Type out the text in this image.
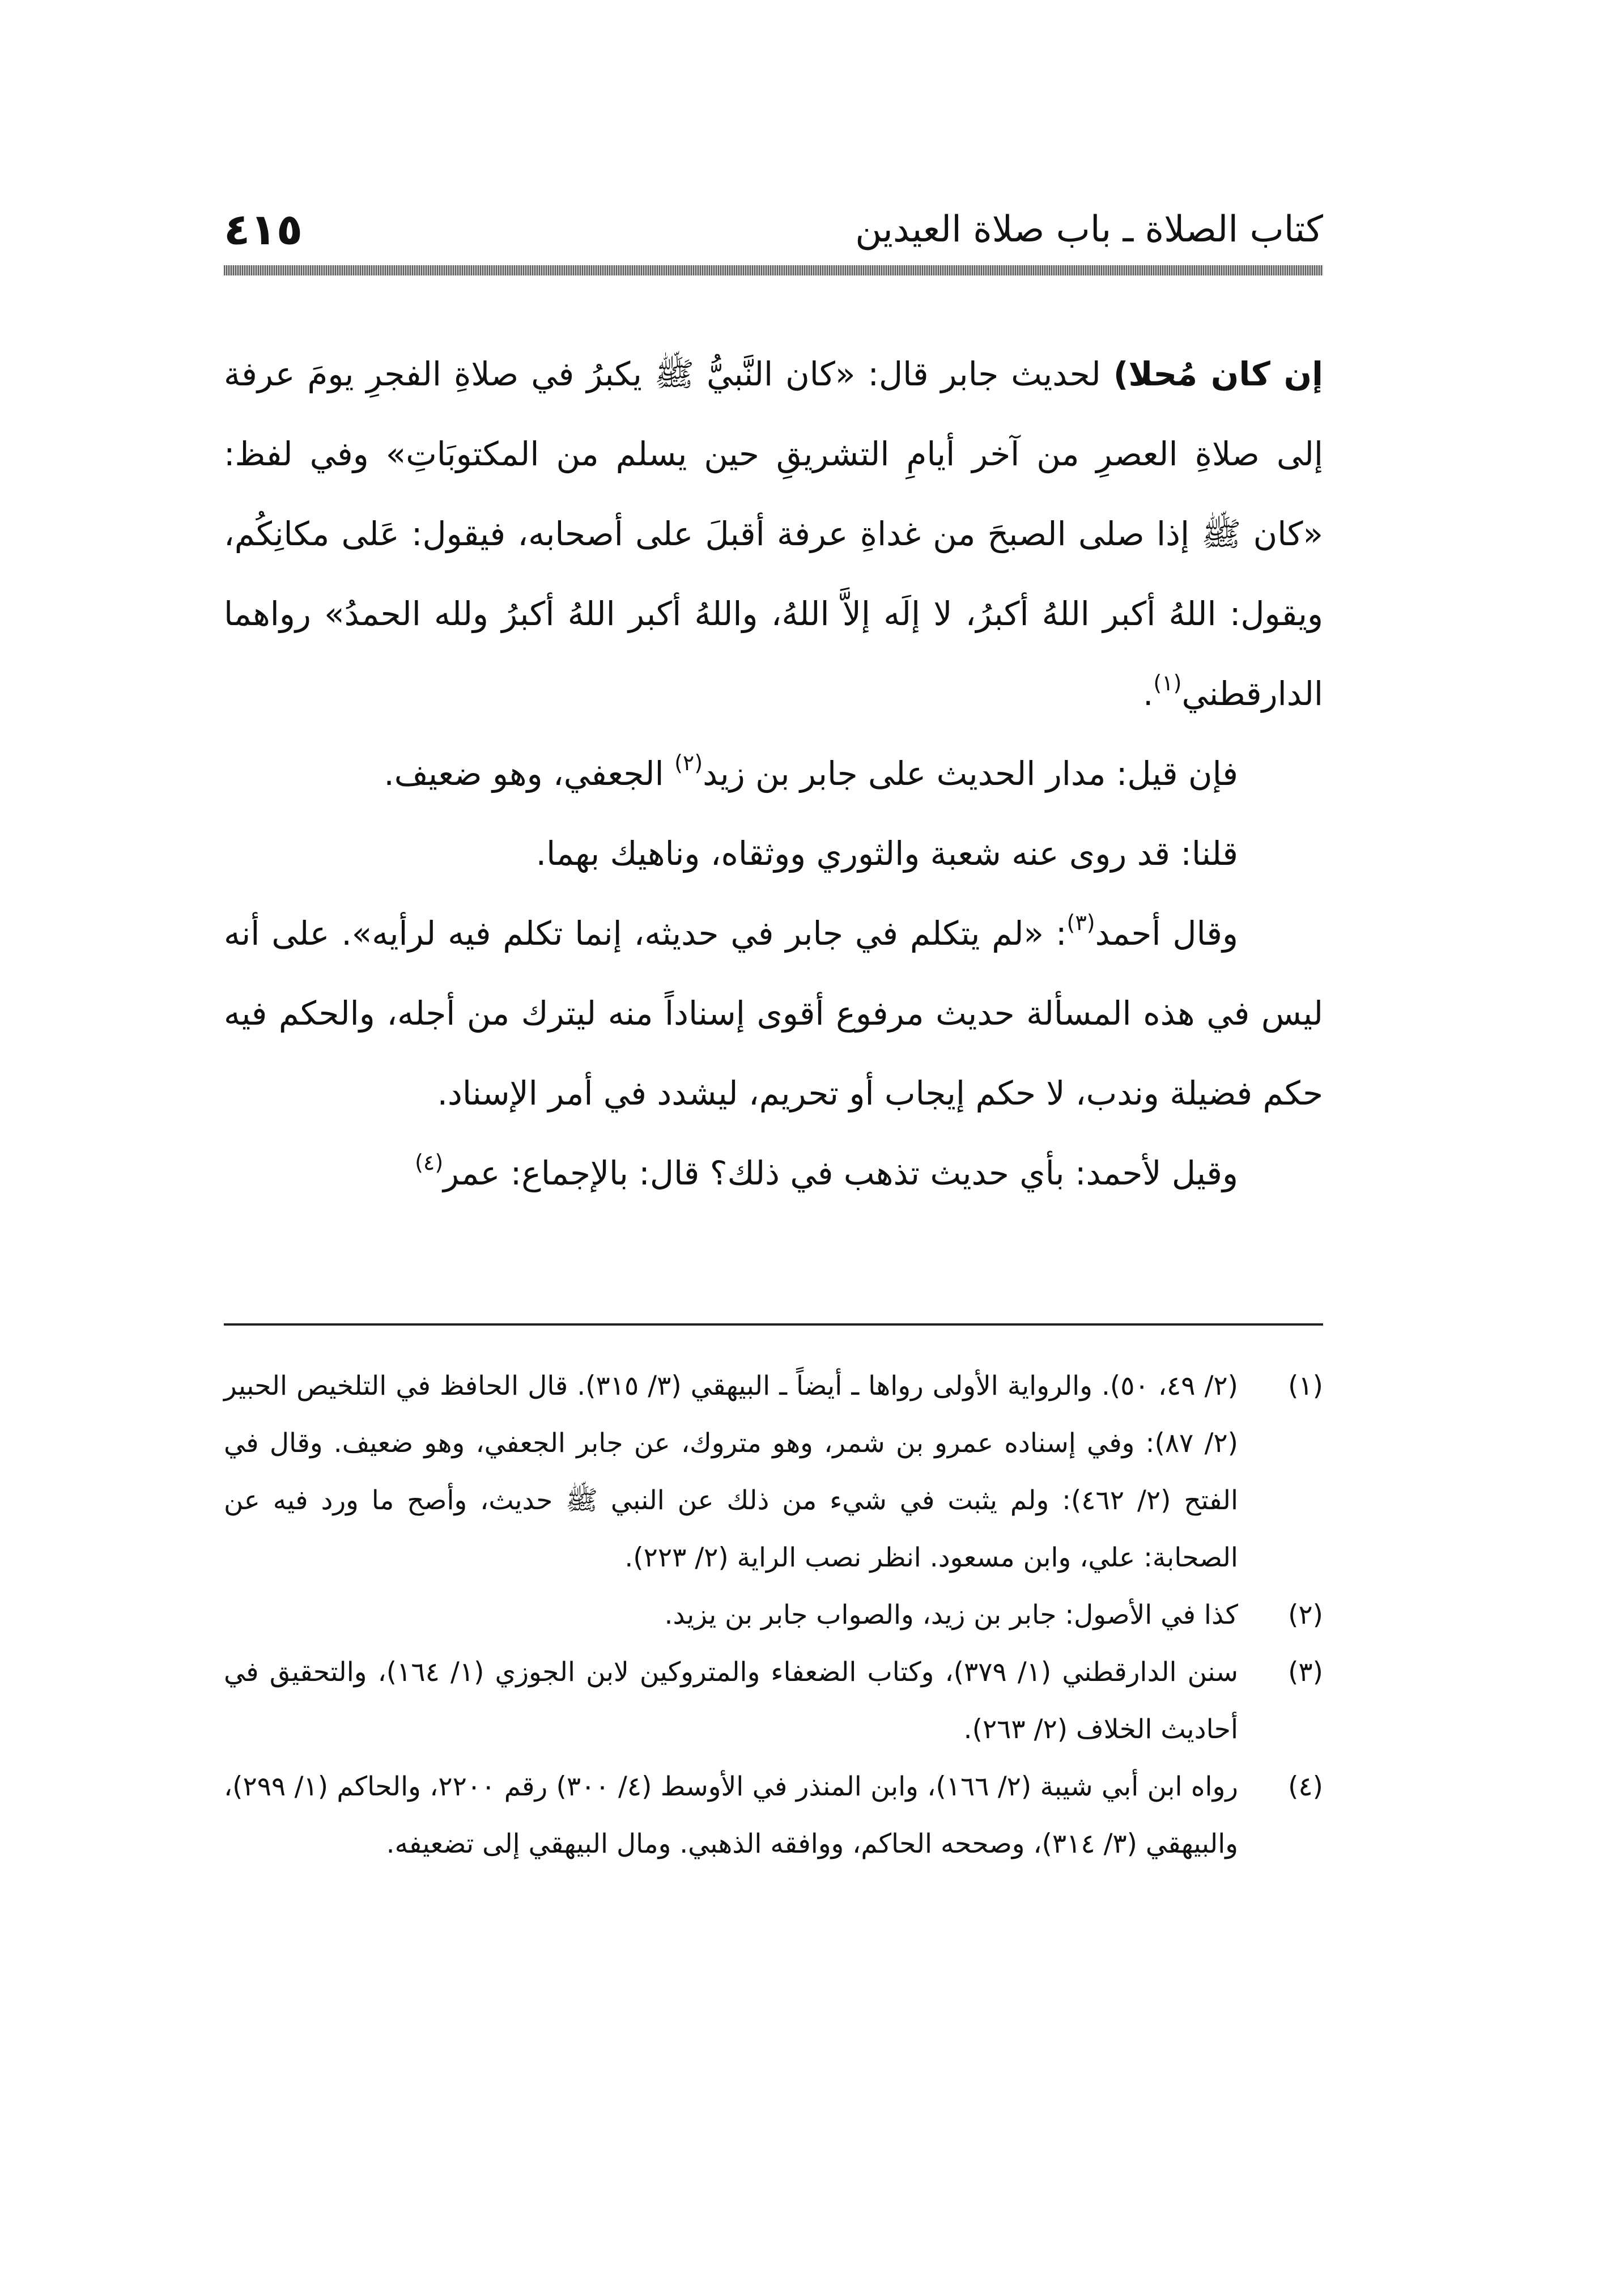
كتاب الصلاة ـ باب صلاة العيدين
٤١٥

إن كان مُحلا) لحديث جابر قال: «كان النَّبيُّ ﷺ يكبرُ في صلاةِ الفجرِ يومَ عرفة إلى صلاةِ العصرِ من آخر أيامِ التشريقِ حين يسلم من المكتوبَاتِ» وفي لفظ: «كان ﷺ إذا صلى الصبحَ من غداةِ عرفة أقبلَ على أصحابه، فيقول: عَلى مكانِكُم، ويقول: اللهُ أكبر اللهُ أكبرُ، لا إلَه إلاَّ اللهُ، واللهُ أكبر اللهُ أكبرُ ولله الحمدُ» رواهما الدارقطني$^{(١)}$.

فإن قيل: مدار الحديث على جابر بن زيد$^{(٢)}$ الجعفي، وهو ضعيف.

قلنا: قد روى عنه شعبة والثوري ووثقاه، وناهيك بهما.

وقال أحمد$^{(٣)}$: «لم يتكلم في جابر في حديثه، إنما تكلم فيه لرأيه». على أنه ليس في هذه المسألة حديث مرفوع أقوى إسناداً منه ليترك من أجله، والحكم فيه حكم فضيلة وندب، لا حكم إيجاب أو تحريم، ليشدد في أمر الإسناد.

وقيل لأحمد: بأي حديث تذهب في ذلك؟ قال: بالإجماع: عمر$^{(٤)}$

(١)
(٢/ ٤٩، ٥٠). والرواية الأولى رواها ـ أيضاً ـ البيهقي (٣/ ٣١٥). قال الحافظ في التلخيص الحبير (٢/ ٨٧): وفي إسناده عمرو بن شمر، وهو متروك، عن جابر الجعفي، وهو ضعيف. وقال في الفتح (٢/ ٤٦٢): ولم يثبت في شيء من ذلك عن النبي ﷺ حديث، وأصح ما ورد فيه عن الصحابة: علي، وابن مسعود. انظر نصب الراية (٢/ ٢٢٣).
(٢)
كذا في الأصول: جابر بن زيد، والصواب جابر بن يزيد.
(٣)
سنن الدارقطني (١/ ٣٧٩)، وكتاب الضعفاء والمتروكين لابن الجوزي (١/ ١٦٤)، والتحقيق في أحاديث الخلاف (٢/ ٢٦٣).
(٤)
رواه ابن أبي شيبة (٢/ ١٦٦)، وابن المنذر في الأوسط (٤/ ٣٠٠) رقم ٢٢٠٠، والحاكم (١/ ٢٩٩)، والبيهقي (٣/ ٣١٤)، وصححه الحاكم، ووافقه الذهبي. ومال البيهقي إلى تضعيفه.
